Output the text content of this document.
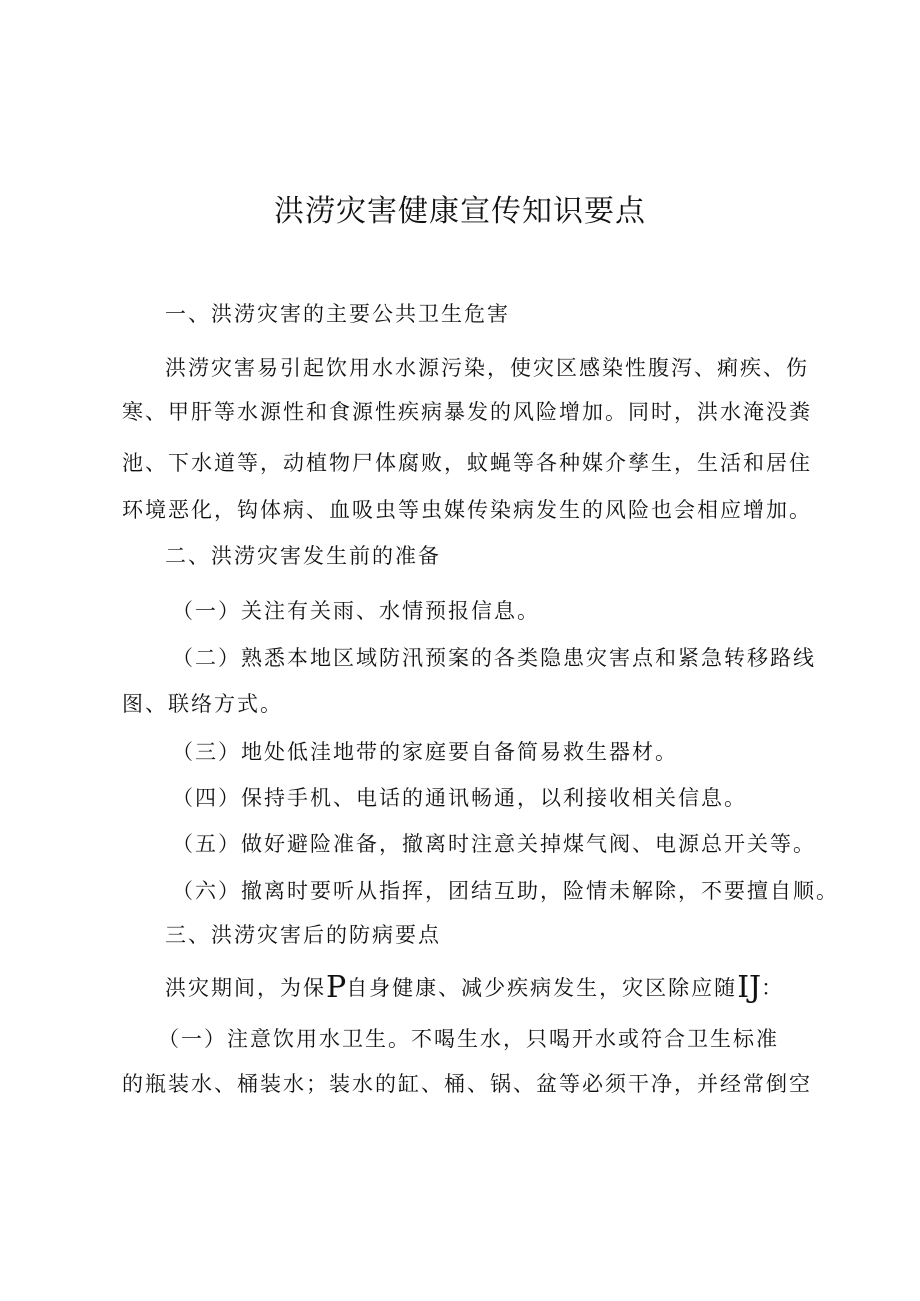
洪涝灾害健康宣传知识要点
一、洪涝灾害的主要公共卫生危害
洪涝灾害易引起饮用水水源污染，使灾区感染性腹泻、痢疾、伤
寒、甲肝等水源性和食源性疾病暴发的风险增加。同时，洪水淹没粪
池、下水道等，动植物尸体腐败，蚊蝇等各种媒介孳生，生活和居住
环境恶化，钩体病、血吸虫等虫媒传染病发生的风险也会相应增加。
二、洪涝灾害发生前的准备
（一）关注有关雨、水情预报信息。
（二）熟悉本地区域防汛预案的各类隐患灾害点和紧急转移路线
图、联络方式。
（三）地处低洼地带的家庭要自备简易救生器材。
（四）保持手机、电话的通讯畅通，以利接收相关信息。
（五）做好避险准备，撤离时注意关掉煤气阀、电源总开关等。
（六）撤离时要听从指挥，团结互助，险情未解除，不要擅自顺。
三、洪涝灾害后的防病要点
洪灾期间，为保P自身健康、减少疾病发生，灾区除应随IJ：
（一）注意饮用水卫生。不喝生水，只喝开水或符合卫生标准
的瓶装水、桶装水；装水的缸、桶、锅、盆等必须干净，并经常倒空
